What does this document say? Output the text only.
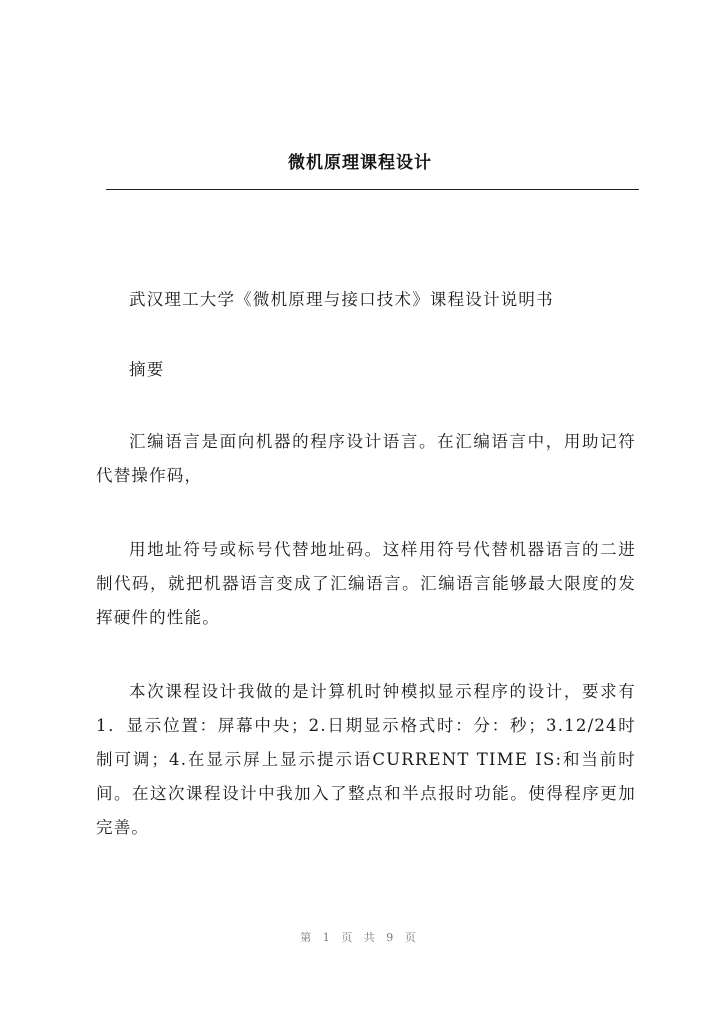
微机原理课程设计

武汉理工大学《微机原理与接口技术》课程设计说明书

摘要

汇编语言是面向机器的程序设计语言。在汇编语言中，用助记符代替操作码，

用地址符号或标号代替地址码。这样用符号代替机器语言的二进制代码，就把机器语言变成了汇编语言。汇编语言能够最大限度的发挥硬件的性能。

本次课程设计我做的是计算机时钟模拟显示程序的设计，要求有1．显示位置：屏幕中央；2.日期显示格式时：分：秒；3.12/24时制可调；4.在显示屏上显示提示语CURRENT TIME IS:和当前时间。在这次课程设计中我加入了整点和半点报时功能。使得程序更加完善。

第 1 页 共 9 页
